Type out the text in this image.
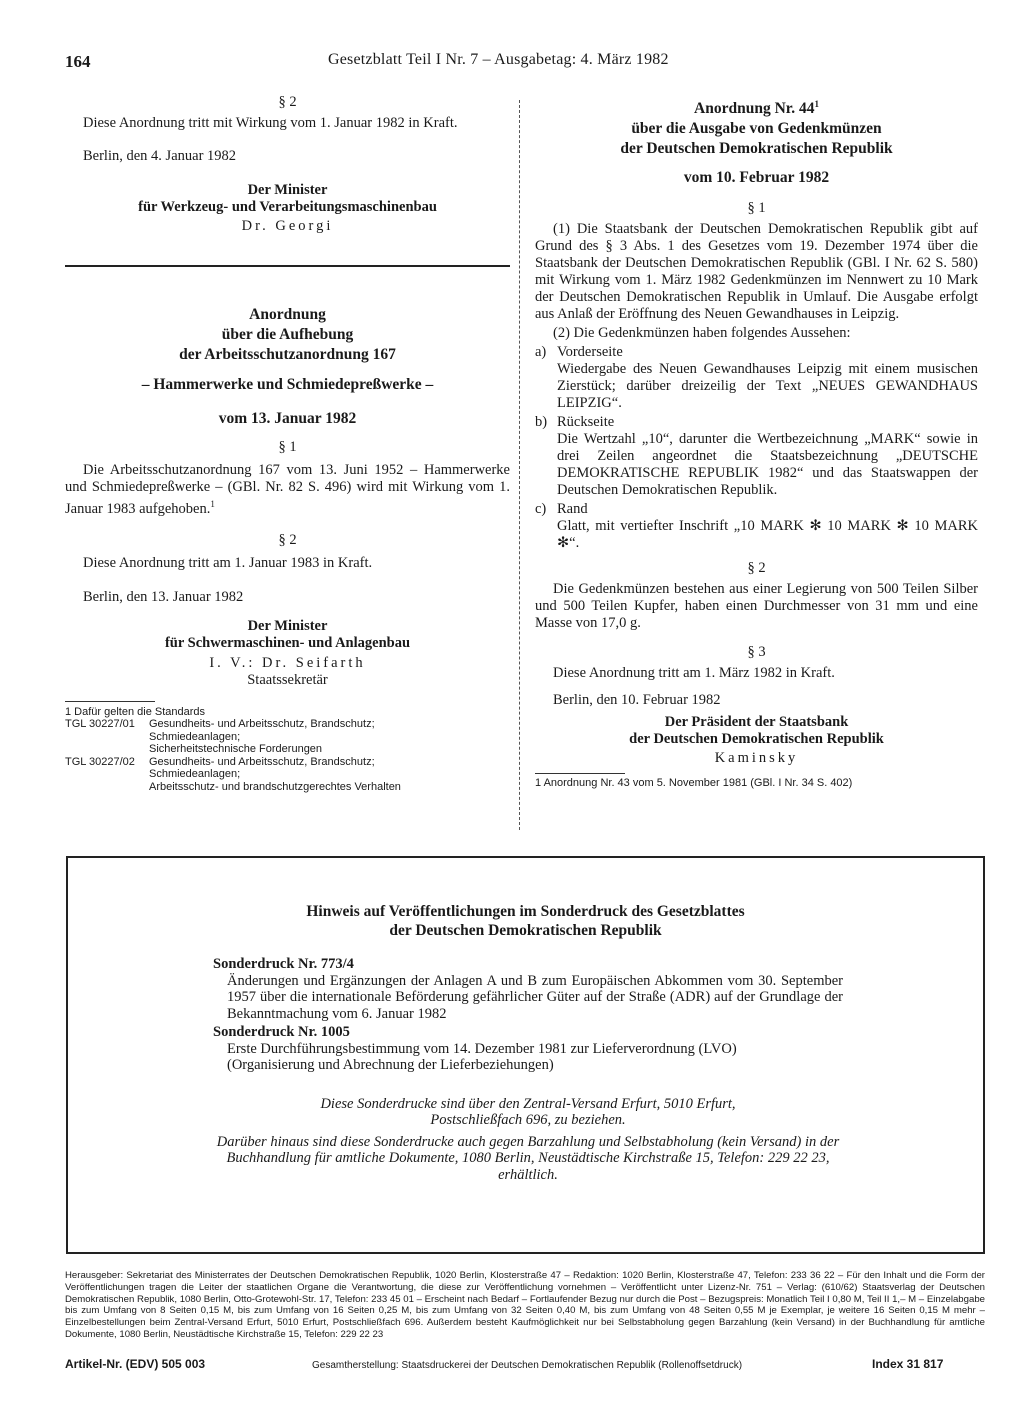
164	Gesetzblatt Teil I Nr. 7 – Ausgabetag: 4. März 1982

§ 2

Diese Anordnung tritt mit Wirkung vom 1. Januar 1982 in Kraft.

Berlin, den 4. Januar 1982

Der Minister
für Werkzeug- und Verarbeitungsmaschinenbau
Dr. Georgi
Anordnung
über die Aufhebung
der Arbeitsschutzanordnung 167
– Hammerwerke und Schmiedepreßwerke –
vom 13. Januar 1982

§ 1

Die Arbeitsschutzanordnung 167 vom 13. Juni 1952 – Hammerwerke und Schmiedepreßwerke – (GBl. Nr. 82 S. 496) wird mit Wirkung vom 1. Januar 1983 aufgehoben.$^1$

§ 2

Diese Anordnung tritt am 1. Januar 1983 in Kraft.

Berlin, den 13. Januar 1982

Der Minister
für Schwermaschinen- und Anlagenbau
I. V.: Dr. Seifarth
Staatssekretär
1 Dafür gelten die Standards
TGL 30227/01	Gesundheits- und Arbeitsschutz, Brandschutz;
Schmiedeanlagen;
Sicherheitstechnische Forderungen
TGL 30227/02	Gesundheits- und Arbeitsschutz, Brandschutz;
Schmiedeanlagen;
Arbeitsschutz- und brandschutzgerechtes Verhalten
Anordnung Nr. $44^1$
über die Ausgabe von Gedenkmünzen
der Deutschen Demokratischen Republik
vom 10. Februar 1982

§ 1

(1) Die Staatsbank der Deutschen Demokratischen Republik gibt auf Grund des § 3 Abs. 1 des Gesetzes vom 19. Dezember 1974 über die Staatsbank der Deutschen Demokratischen Republik (GBl. I Nr. 62 S. 580) mit Wirkung vom 1. März 1982 Gedenkmünzen im Nennwert zu 10 Mark der Deutschen Demokratischen Republik in Umlauf. Die Ausgabe erfolgt aus Anlaß der Eröffnung des Neuen Gewandhauses in Leipzig.

(2) Die Gedenkmünzen haben folgendes Aussehen:

a) Vorderseite
Wiedergabe des Neuen Gewandhauses Leipzig mit einem musischen Zierstück; darüber dreizeilig der Text „NEUES GEWANDHAUS LEIPZIG“.
b) Rückseite
Die Wertzahl „10“, darunter die Wertbezeichnung „MARK“ sowie in drei Zeilen angeordnet die Staatsbezeichnung „DEUTSCHE DEMOKRATISCHE REPUBLIK 1982“ und das Staatswappen der Deutschen Demokratischen Republik.
c) Rand
Glatt, mit vertiefter Inschrift „10 MARK ✻ 10 MARK ✻ 10 MARK ✻“.

§ 2

Die Gedenkmünzen bestehen aus einer Legierung von 500 Teilen Silber und 500 Teilen Kupfer, haben einen Durchmesser von 31 mm und eine Masse von 17,0 g.

§ 3

Diese Anordnung tritt am 1. März 1982 in Kraft.

Berlin, den 10. Februar 1982

Der Präsident der Staatsbank
der Deutschen Demokratischen Republik
Kaminsky
1 Anordnung Nr. 43 vom 5. November 1981 (GBl. I Nr. 34 S. 402)
Hinweis auf Veröffentlichungen im Sonderdruck des Gesetzblattes
der Deutschen Demokratischen Republik
Sonderdruck Nr. 773/4
Änderungen und Ergänzungen der Anlagen A und B zum Europäischen Abkommen vom 30. September 1957 über die internationale Beförderung gefährlicher Güter auf der Straße (ADR) auf der Grundlage der Bekanntmachung vom 6. Januar 1982
Sonderdruck Nr. 1005
Erste Durchführungsbestimmung vom 14. Dezember 1981 zur Lieferverordnung (LVO)
(Organisierung und Abrechnung der Lieferbeziehungen)
Diese Sonderdrucke sind über den Zentral-Versand Erfurt, 5010 Erfurt, Postschließfach 696, zu beziehen.
Darüber hinaus sind diese Sonderdrucke auch gegen Barzahlung und Selbstabholung (kein Versand) in der Buchhandlung für amtliche Dokumente, 1080 Berlin, Neustädtische Kirchstraße 15, Telefon: 229 22 23, erhältlich.
Herausgeber: Sekretariat des Ministerrates der Deutschen Demokratischen Republik, 1020 Berlin, Klosterstraße 47 – Redaktion: 1020 Berlin, Klosterstraße 47, Telefon: 233 36 22 – Für den Inhalt und die Form der Veröffentlichungen tragen die Leiter der staatlichen Organe die Verantwortung, die diese zur Veröffentlichung vornehmen – Veröffentlicht unter Lizenz-Nr. 751 – Verlag: (610/62) Staatsverlag der Deutschen Demokratischen Republik, 1080 Berlin, Otto-Grotewohl-Str. 17, Telefon: 233 45 01 – Erscheint nach Bedarf – Fortlaufender Bezug nur durch die Post – Bezugspreis: Monatlich Teil I 0,80 M, Teil II 1,– M – Einzelabgabe bis zum Umfang von 8 Seiten 0,15 M, bis zum Umfang von 16 Seiten 0,25 M, bis zum Umfang von 32 Seiten 0,40 M, bis zum Umfang von 48 Seiten 0,55 M je Exemplar, je weitere 16 Seiten 0,15 M mehr – Einzelbestellungen beim Zentral-Versand Erfurt, 5010 Erfurt, Postschließfach 696. Außerdem besteht Kaufmöglichkeit nur bei Selbstabholung gegen Barzahlung (kein Versand) in der Buchhandlung für amtliche Dokumente, 1080 Berlin, Neustädtische Kirchstraße 15, Telefon: 229 22 23
Artikel-Nr. (EDV) 505 003	Gesamtherstellung: Staatsdruckerei der Deutschen Demokratischen Republik (Rollenoffsetdruck)	Index 31 817
